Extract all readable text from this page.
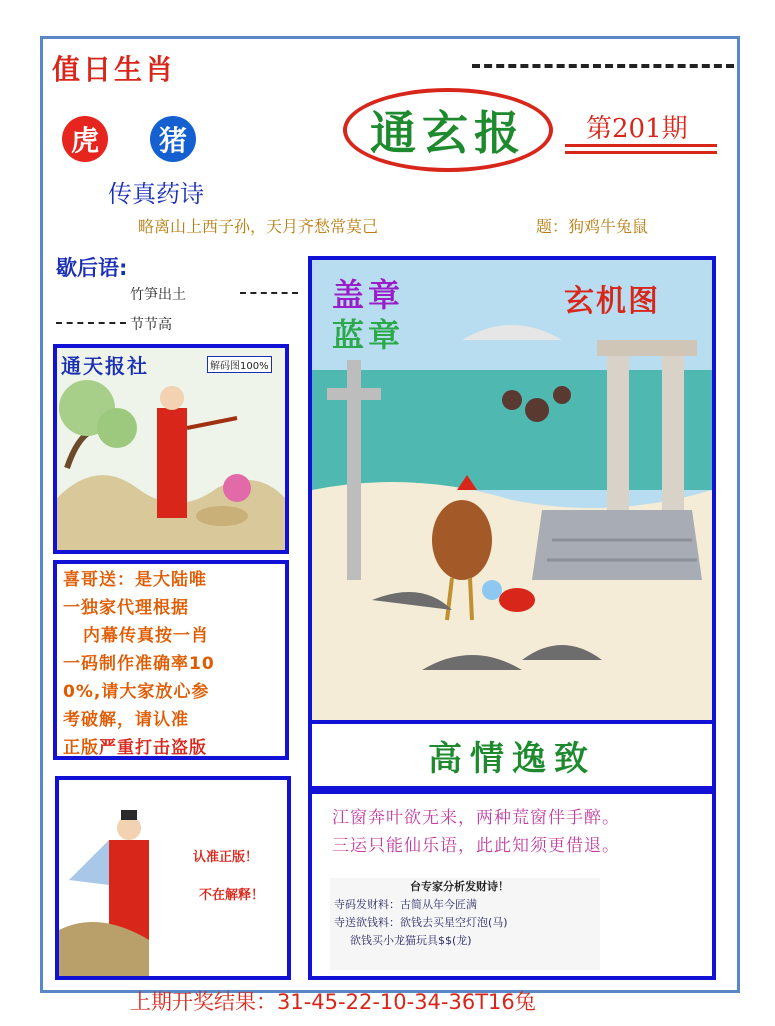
值日生肖
虎	猪
传真药诗
通玄报 第201期
略离山上西子孙，天月齐愁常莫己	题：狗鸡牛兔鼠
歇后语:
竹笋出土
节节高
通天报社	解码图100%
喜哥送：是大陆唯
一独家代理根据
内幕传真按一肖
一码制作准确率10
0%,请大家放心参
考破解，请认准
正版严重打击盗版
认准正版！
不在解释！
盖章
蓝章
玄机图
高情逸致
江窗奔叶欲无来，两种荒窗伴手醉。
三运只能仙乐语，此此知须更借退。
台专家分析发财诗！
寺码发财料：古简从年今匠满
寺送欲钱料：欲钱去买星空灯泡(马)
欲钱买小龙猫玩具$$(龙)
上期开奖结果：31-45-22-10-34-36T16兔
